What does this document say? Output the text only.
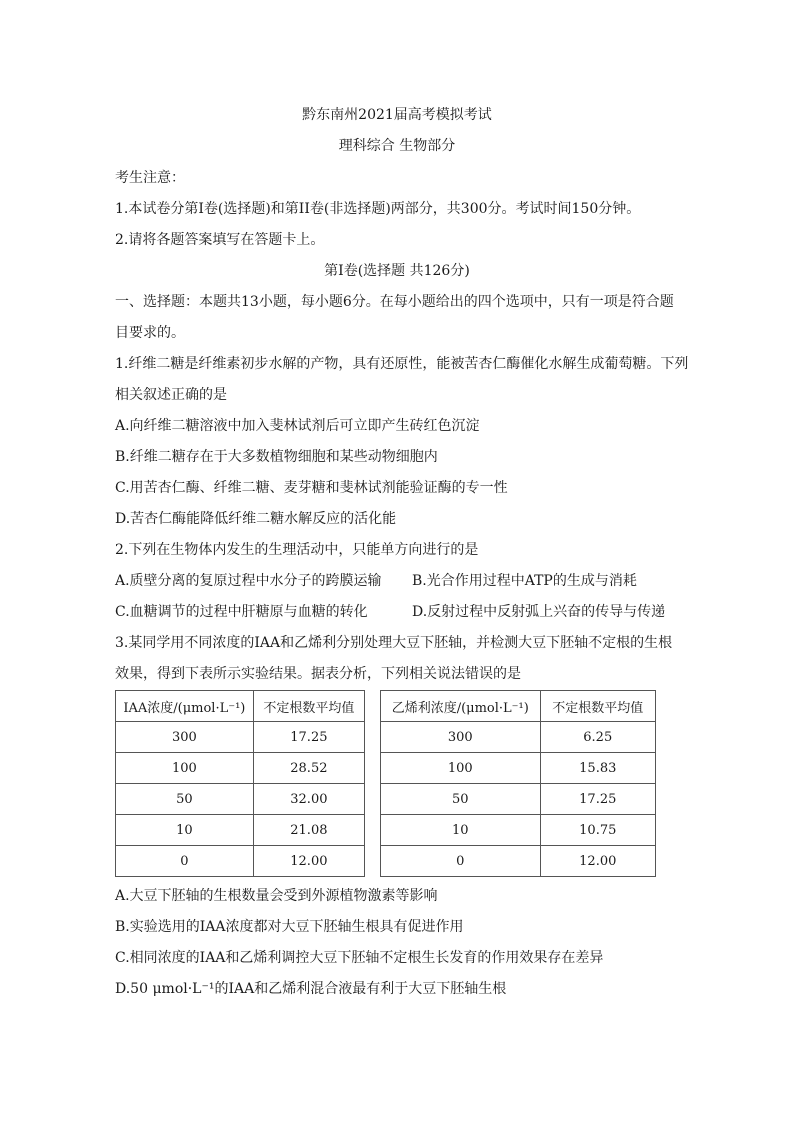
黔东南州2021届高考模拟考试
理科综合 生物部分
考生注意：
1.本试卷分第I卷(选择题)和第II卷(非选择题)两部分，共300分。考试时间150分钟。
2.请将各题答案填写在答题卡上。
第I卷(选择题 共126分)
一、选择题：本题共13小题，每小题6分。在每小题给出的四个选项中，只有一项是符合题
目要求的。
1.纤维二糖是纤维素初步水解的产物，具有还原性，能被苦杏仁酶催化水解生成葡萄糖。下列
相关叙述正确的是
A.向纤维二糖溶液中加入斐林试剂后可立即产生砖红色沉淀
B.纤维二糖存在于大多数植物细胞和某些动物细胞内
C.用苦杏仁酶、纤维二糖、麦芽糖和斐林试剂能验证酶的专一性
D.苦杏仁酶能降低纤维二糖水解反应的活化能
2.下列在生物体内发生的生理活动中，只能单方向进行的是
A.质壁分离的复原过程中水分子的跨膜运输 B.光合作用过程中ATP的生成与消耗
C.血糖调节的过程中肝糖原与血糖的转化	D.反射过程中反射弧上兴奋的传导与传递
3.某同学用不同浓度的IAA和乙烯利分别处理大豆下胚轴，并检测大豆下胚轴不定根的生根
效果，得到下表所示实验结果。据表分析，下列相关说法错误的是
IAA浓度/(μmol·L⁻¹)	不定根数平均值
300	17.25
100	28.52
50	32.00
10	21.08
0	12.00
乙烯利浓度/(μmol·L⁻¹)	不定根数平均值
300	6.25
100	15.83
50	17.25
10	10.75
0	12.00
A.大豆下胚轴的生根数量会受到外源植物激素等影响
B.实验选用的IAA浓度都对大豆下胚轴生根具有促进作用
C.相同浓度的IAA和乙烯利调控大豆下胚轴不定根生长发育的作用效果存在差异
D.50 μmol·L⁻¹的IAA和乙烯利混合液最有利于大豆下胚轴生根
